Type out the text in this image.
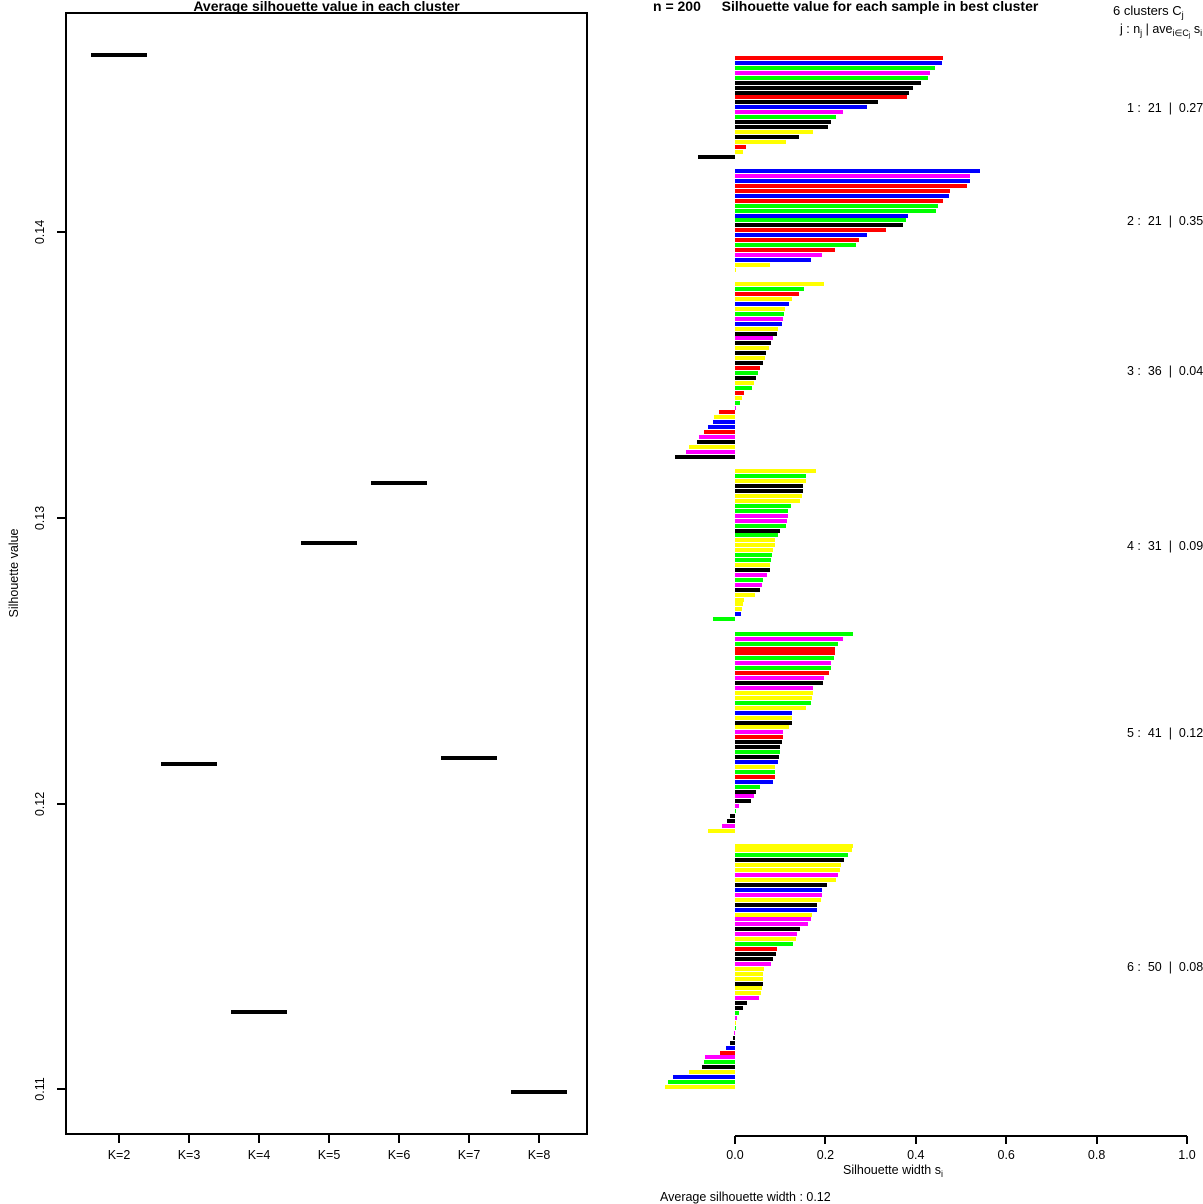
Average silhouette value in each cluster
Silhouette value
0.11
0.12
0.13
0.14
K=2	K=3	K=4	K=5	K=6	K=7	K=8
Silhouette value for each sample in best cluster
n = 200	6 clusters $C_j$
j : $n_j$ | ave$_{i\in Cj}$ $s_i$
1 :  21  |  0.27
2 :  21  |  0.35
3 :  36  |  0.04
4 :  31  |  0.09
5 :  41  |  0.12
6 :  50  |  0.08
0.0	0.2	0.4	0.6	0.8	1.0
Silhouette width $s_i$
Average silhouette width : 0.12
